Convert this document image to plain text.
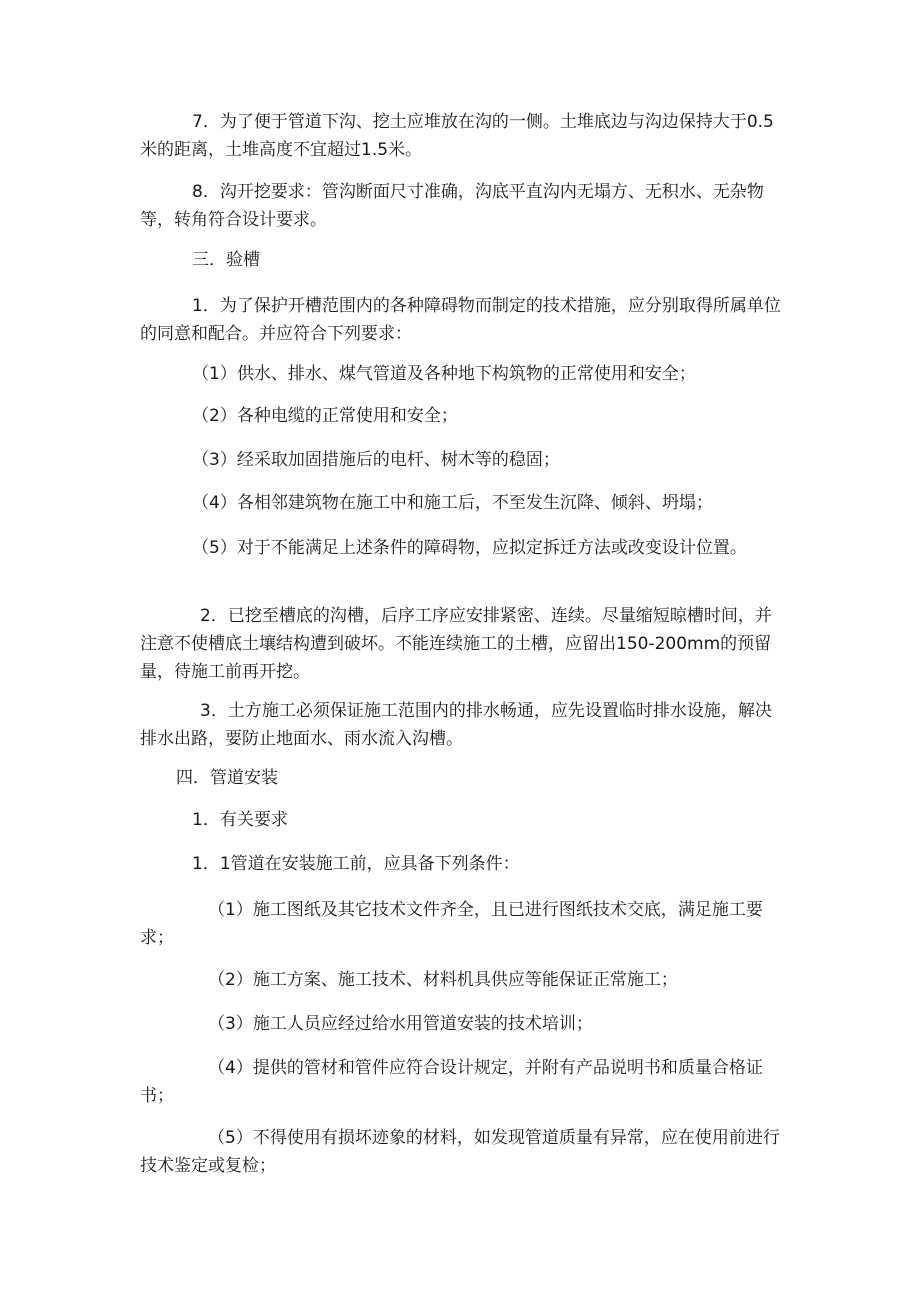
7．为了便于管道下沟、挖土应堆放在沟的一侧。土堆底边与沟边保持大于0.5米的距离，土堆高度不宜超过1.5米。

8．沟开挖要求：管沟断面尺寸准确，沟底平直沟内无塌方、无积水、无杂物等，转角符合设计要求。

三．验槽

1．为了保护开槽范围内的各种障碍物而制定的技术措施，应分别取得所属单位的同意和配合。并应符合下列要求：

（1）供水、排水、煤气管道及各种地下构筑物的正常使用和安全；

（2）各种电缆的正常使用和安全；

（3）经采取加固措施后的电杆、树木等的稳固；

（4）各相邻建筑物在施工中和施工后，不至发生沉降、倾斜、坍塌；

（5）对于不能满足上述条件的障碍物，应拟定拆迁方法或改变设计位置。

2．已挖至槽底的沟槽，后序工序应安排紧密、连续。尽量缩短晾槽时间，并注意不使槽底土壤结构遭到破坏。不能连续施工的土槽，应留出150-200mm的预留量，待施工前再开挖。

3．土方施工必须保证施工范围内的排水畅通，应先设置临时排水设施，解决排水出路，要防止地面水、雨水流入沟槽。

四．管道安装

1．有关要求

1．1管道在安装施工前，应具备下列条件：

（1）施工图纸及其它技术文件齐全，且已进行图纸技术交底，满足施工要求；

（2）施工方案、施工技术、材料机具供应等能保证正常施工；

（3）施工人员应经过给水用管道安装的技术培训；

（4）提供的管材和管件应符合设计规定，并附有产品说明书和质量合格证书；

（5）不得使用有损坏迹象的材料，如发现管道质量有异常，应在使用前进行技术鉴定或复检；
